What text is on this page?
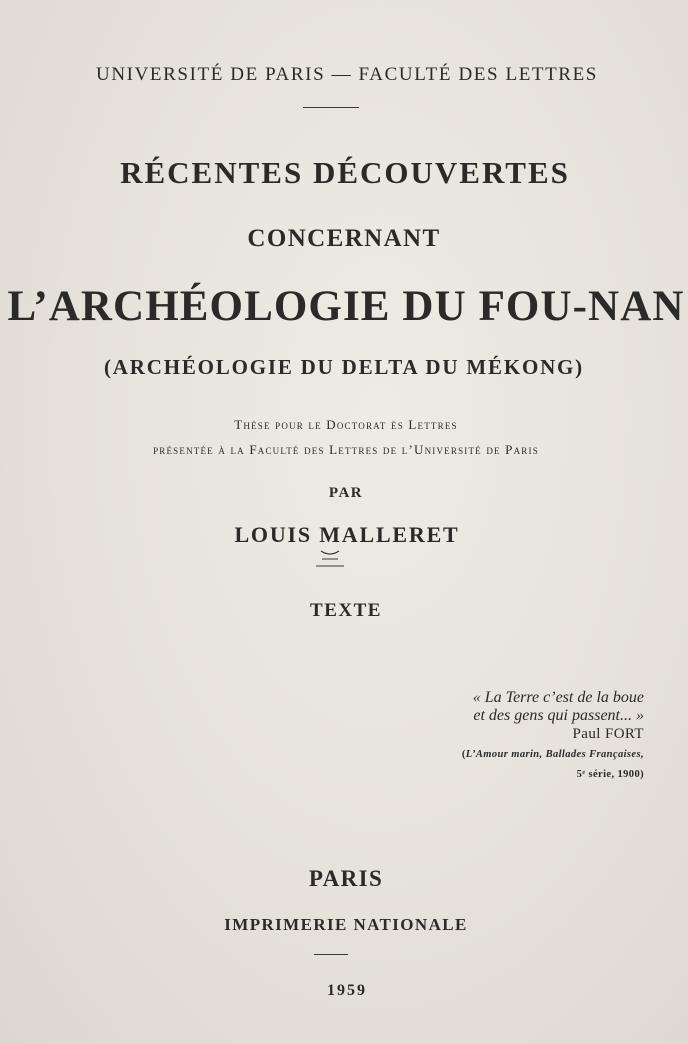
UNIVERSITÉ DE PARIS — FACULTÉ DES LETTRES
RÉCENTES DÉCOUVERTES
CONCERNANT
L’ARCHÉOLOGIE DU FOU-NAN
(ARCHÉOLOGIE DU DELTA DU MÉKONG)
Thèse pour le Doctorat ès Lettres
présentée à la Faculté des Lettres de l’Université de Paris
PAR
LOUIS MALLERET
TEXTE
« La Terre c’est de la boue
et des gens qui passent... »
Paul FORT
(L’Amour marin, Ballades Françaises,
5ᵉ série, 1900)
PARIS
IMPRIMERIE NATIONALE
1959
